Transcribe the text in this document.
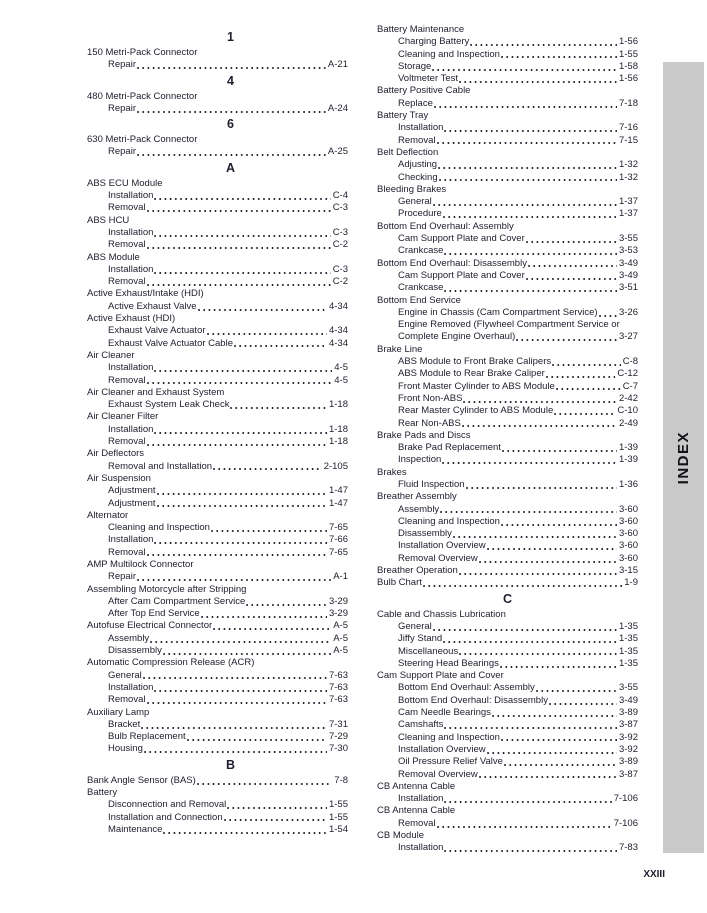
1
150 Metri-Pack Connector
Repair	A-21
4
480 Metri-Pack Connector
Repair	A-24
6
630 Metri-Pack Connector
Repair	A-25
A
ABS ECU Module
Installation	C-4
Removal	C-3
ABS HCU
Installation	C-3
Removal	C-2
ABS Module
Installation	C-3
Removal	C-2
Active Exhaust/Intake (HDI)
Active Exhaust Valve	4-34
Active Exhaust (HDI)
Exhaust Valve Actuator	4-34
Exhaust Valve Actuator Cable	4-34
Air Cleaner
Installation	4-5
Removal	4-5
Air Cleaner and Exhaust System
Exhaust System Leak Check	1-18
Air Cleaner Filter
Installation	1-18
Removal	1-18
Air Deflectors
Removal and Installation	2-105
Air Suspension
Adjustment	1-47
Adjustment	1-47
Alternator
Cleaning and Inspection	7-65
Installation	7-66
Removal	7-65
AMP Multilock Connector
Repair	A-1
Assembling Motorcycle after Stripping
After Cam Compartment Service	3-29
After Top End Service	3-29
Autofuse Electrical Connector	A-5
Assembly	A-5
Disassembly	A-5
Automatic Compression Release (ACR)
General	7-63
Installation	7-63
Removal	7-63
Auxiliary Lamp
Bracket	7-31
Bulb Replacement	7-29
Housing	7-30
B
Bank Angle Sensor (BAS)	7-8
Battery
Disconnection and Removal	1-55
Installation and Connection	1-55
Maintenance	1-54
Battery Maintenance
Charging Battery	1-56
Cleaning and Inspection	1-55
Storage	1-58
Voltmeter Test	1-56
Battery Positive Cable
Replace	7-18
Battery Tray
Installation	7-16
Removal	7-15
Belt Deflection
Adjusting	1-32
Checking	1-32
Bleeding Brakes
General	1-37
Procedure	1-37
Bottom End Overhaul: Assembly
Cam Support Plate and Cover	3-55
Crankcase	3-53
Bottom End Overhaul: Disassembly	3-49
Cam Support Plate and Cover	3-49
Crankcase	3-51
Bottom End Service
Engine in Chassis (Cam Compartment Service) 3-26
Engine Removed (Flywheel Compartment Service or
Complete Engine Overhaul)	3-27
Brake Line
ABS Module to Front Brake Calipers	C-8
ABS Module to Rear Brake Caliper	C-12
Front Master Cylinder to ABS Module	C-7
Front Non-ABS	2-42
Rear Master Cylinder to ABS Module	C-10
Rear Non-ABS	2-49
Brake Pads and Discs
Brake Pad Replacement	1-39
Inspection	1-39
Brakes
Fluid Inspection	1-36
Breather Assembly
Assembly	3-60
Cleaning and Inspection	3-60
Disassembly	3-60
Installation Overview	3-60
Removal Overview	3-60
Breather Operation	3-15
Bulb Chart	1-9
C
Cable and Chassis Lubrication
General	1-35
Jiffy Stand	1-35
Miscellaneous	1-35
Steering Head Bearings	1-35
Cam Support Plate and Cover
Bottom End Overhaul: Assembly	3-55
Bottom End Overhaul: Disassembly	3-49
Cam Needle Bearings	3-89
Camshafts	3-87
Cleaning and Inspection	3-92
Installation Overview	3-92
Oil Pressure Relief Valve	3-89
Removal Overview	3-87
CB Antenna Cable
Installation	7-106
CB Antenna Cable
Removal	7-106
CB Module
Installation	7-83
INDEX
XXIII
